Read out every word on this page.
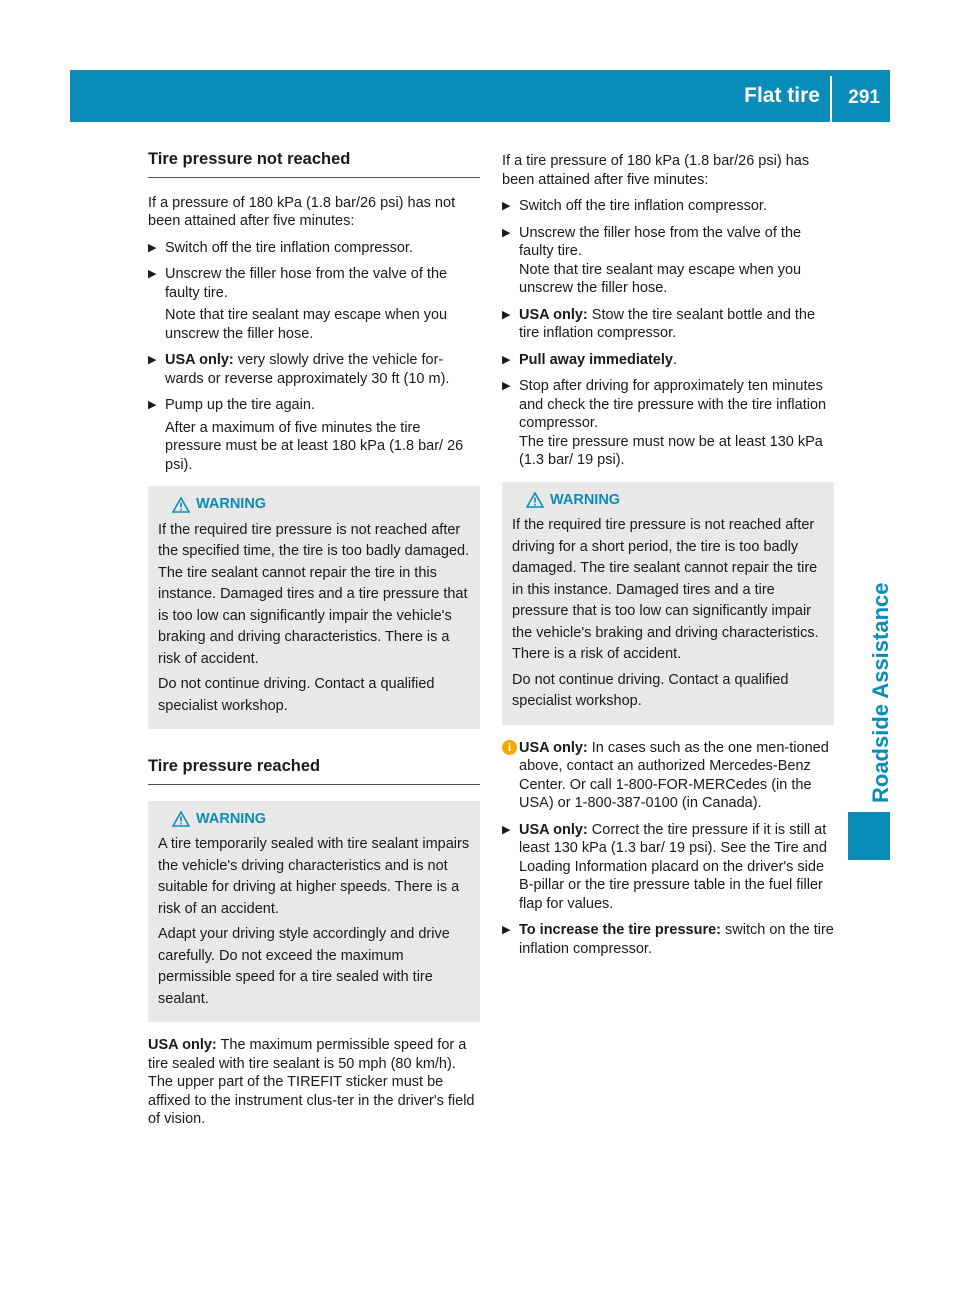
Flat tire 291
Roadside Assistance
Tire pressure not reached

If a pressure of 180 kPa (1.8 bar/26 psi) has not been attained after five minutes:

▶ Switch off the tire inflation compressor.
▶ Unscrew the filler hose from the valve of the faulty tire.
Note that tire sealant may escape when you unscrew the filler hose.
▶ USA only: very slowly drive the vehicle for-wards or reverse approximately 30 ft (10 m).
▶ Pump up the tire again.
After a maximum of five minutes the tire pressure must be at least 180 kPa (1.8 bar/ 26 psi).
WARNING

If the required tire pressure is not reached after the specified time, the tire is too badly damaged. The tire sealant cannot repair the tire in this instance. Damaged tires and a tire pressure that is too low can significantly impair the vehicle's braking and driving characteristics. There is a risk of accident.

Do not continue driving. Contact a qualified specialist workshop.

Tire pressure reached
WARNING

A tire temporarily sealed with tire sealant impairs the vehicle's driving characteristics and is not suitable for driving at higher speeds. There is a risk of an accident.

Adapt your driving style accordingly and drive carefully. Do not exceed the maximum permissible speed for a tire sealed with tire sealant.

USA only: The maximum permissible speed for a tire sealed with tire sealant is 50 mph (80 km/h). The upper part of the TIREFIT sticker must be affixed to the instrument clus-ter in the driver's field of vision.

If a tire pressure of 180 kPa (1.8 bar/26 psi) has been attained after five minutes:

▶ Switch off the tire inflation compressor.
▶ Unscrew the filler hose from the valve of the faulty tire.
Note that tire sealant may escape when you unscrew the filler hose.
▶ USA only: Stow the tire sealant bottle and the tire inflation compressor.
▶ Pull away immediately.
▶ Stop after driving for approximately ten minutes and check the tire pressure with the tire inflation compressor.
The tire pressure must now be at least 130 kPa (1.3 bar/ 19 psi).
WARNING

If the required tire pressure is not reached after driving for a short period, the tire is too badly damaged. The tire sealant cannot repair the tire in this instance. Damaged tires and a tire pressure that is too low can significantly impair the vehicle's braking and driving characteristics. There is a risk of accident.

Do not continue driving. Contact a qualified specialist workshop.

i USA only: In cases such as the one men-tioned above, contact an authorized Mercedes-Benz Center. Or call 1-800-FOR-MERCedes (in the USA) or 1-800-387-0100 (in Canada).
▶ USA only: Correct the tire pressure if it is still at least 130 kPa (1.3 bar/ 19 psi). See the Tire and Loading Information placard on the driver's side B-pillar or the tire pressure table in the fuel filler flap for values.
▶ To increase the tire pressure: switch on the tire inflation compressor.
